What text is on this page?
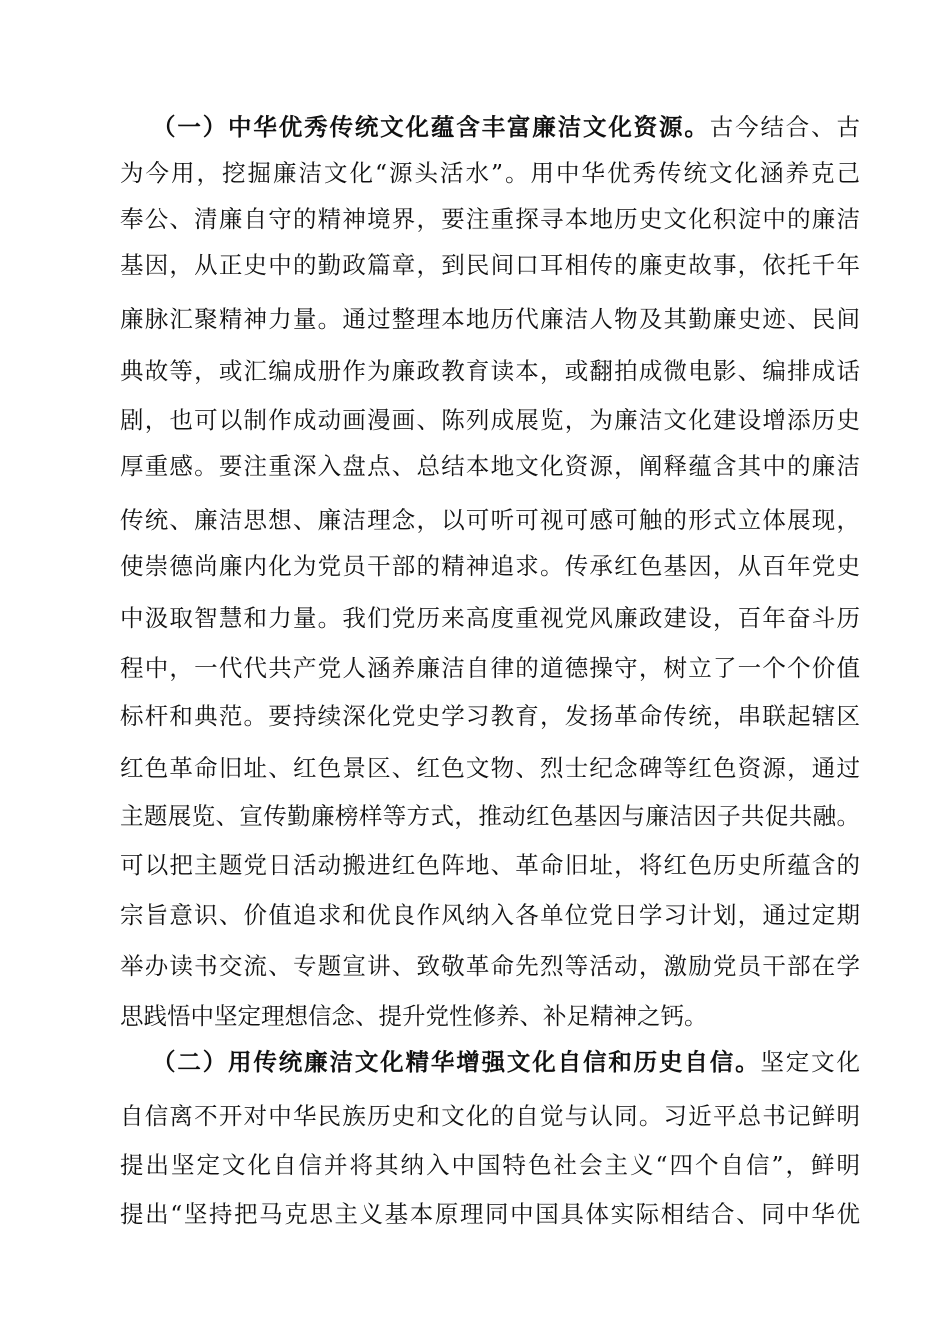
（一）中华优秀传统文化蕴含丰富廉洁文化资源。古今结合、古

为今用，挖掘廉洁文化“源头活水”。用中华优秀传统文化涵养克己

奉公、清廉自守的精神境界，要注重探寻本地历史文化积淀中的廉洁

基因，从正史中的勤政篇章，到民间口耳相传的廉吏故事，依托千年

廉脉汇聚精神力量。通过整理本地历代廉洁人物及其勤廉史迹、民间

典故等，或汇编成册作为廉政教育读本，或翻拍成微电影、编排成话

剧，也可以制作成动画漫画、陈列成展览，为廉洁文化建设增添历史

厚重感。要注重深入盘点、总结本地文化资源，阐释蕴含其中的廉洁

传统、廉洁思想、廉洁理念，以可听可视可感可触的形式立体展现，

使崇德尚廉内化为党员干部的精神追求。传承红色基因，从百年党史

中汲取智慧和力量。我们党历来高度重视党风廉政建设，百年奋斗历

程中，一代代共产党人涵养廉洁自律的道德操守，树立了一个个价值

标杆和典范。要持续深化党史学习教育，发扬革命传统，串联起辖区

红色革命旧址、红色景区、红色文物、烈士纪念碑等红色资源，通过

主题展览、宣传勤廉榜样等方式，推动红色基因与廉洁因子共促共融。

可以把主题党日活动搬进红色阵地、革命旧址，将红色历史所蕴含的

宗旨意识、价值追求和优良作风纳入各单位党日学习计划，通过定期

举办读书交流、专题宣讲、致敬革命先烈等活动，激励党员干部在学

思践悟中坚定理想信念、提升党性修养、补足精神之钙。

（二）用传统廉洁文化精华增强文化自信和历史自信。坚定文化

自信离不开对中华民族历史和文化的自觉与认同。习近平总书记鲜明

提出坚定文化自信并将其纳入中国特色社会主义“四个自信”，鲜明

提出“坚持把马克思主义基本原理同中国具体实际相结合、同中华优
